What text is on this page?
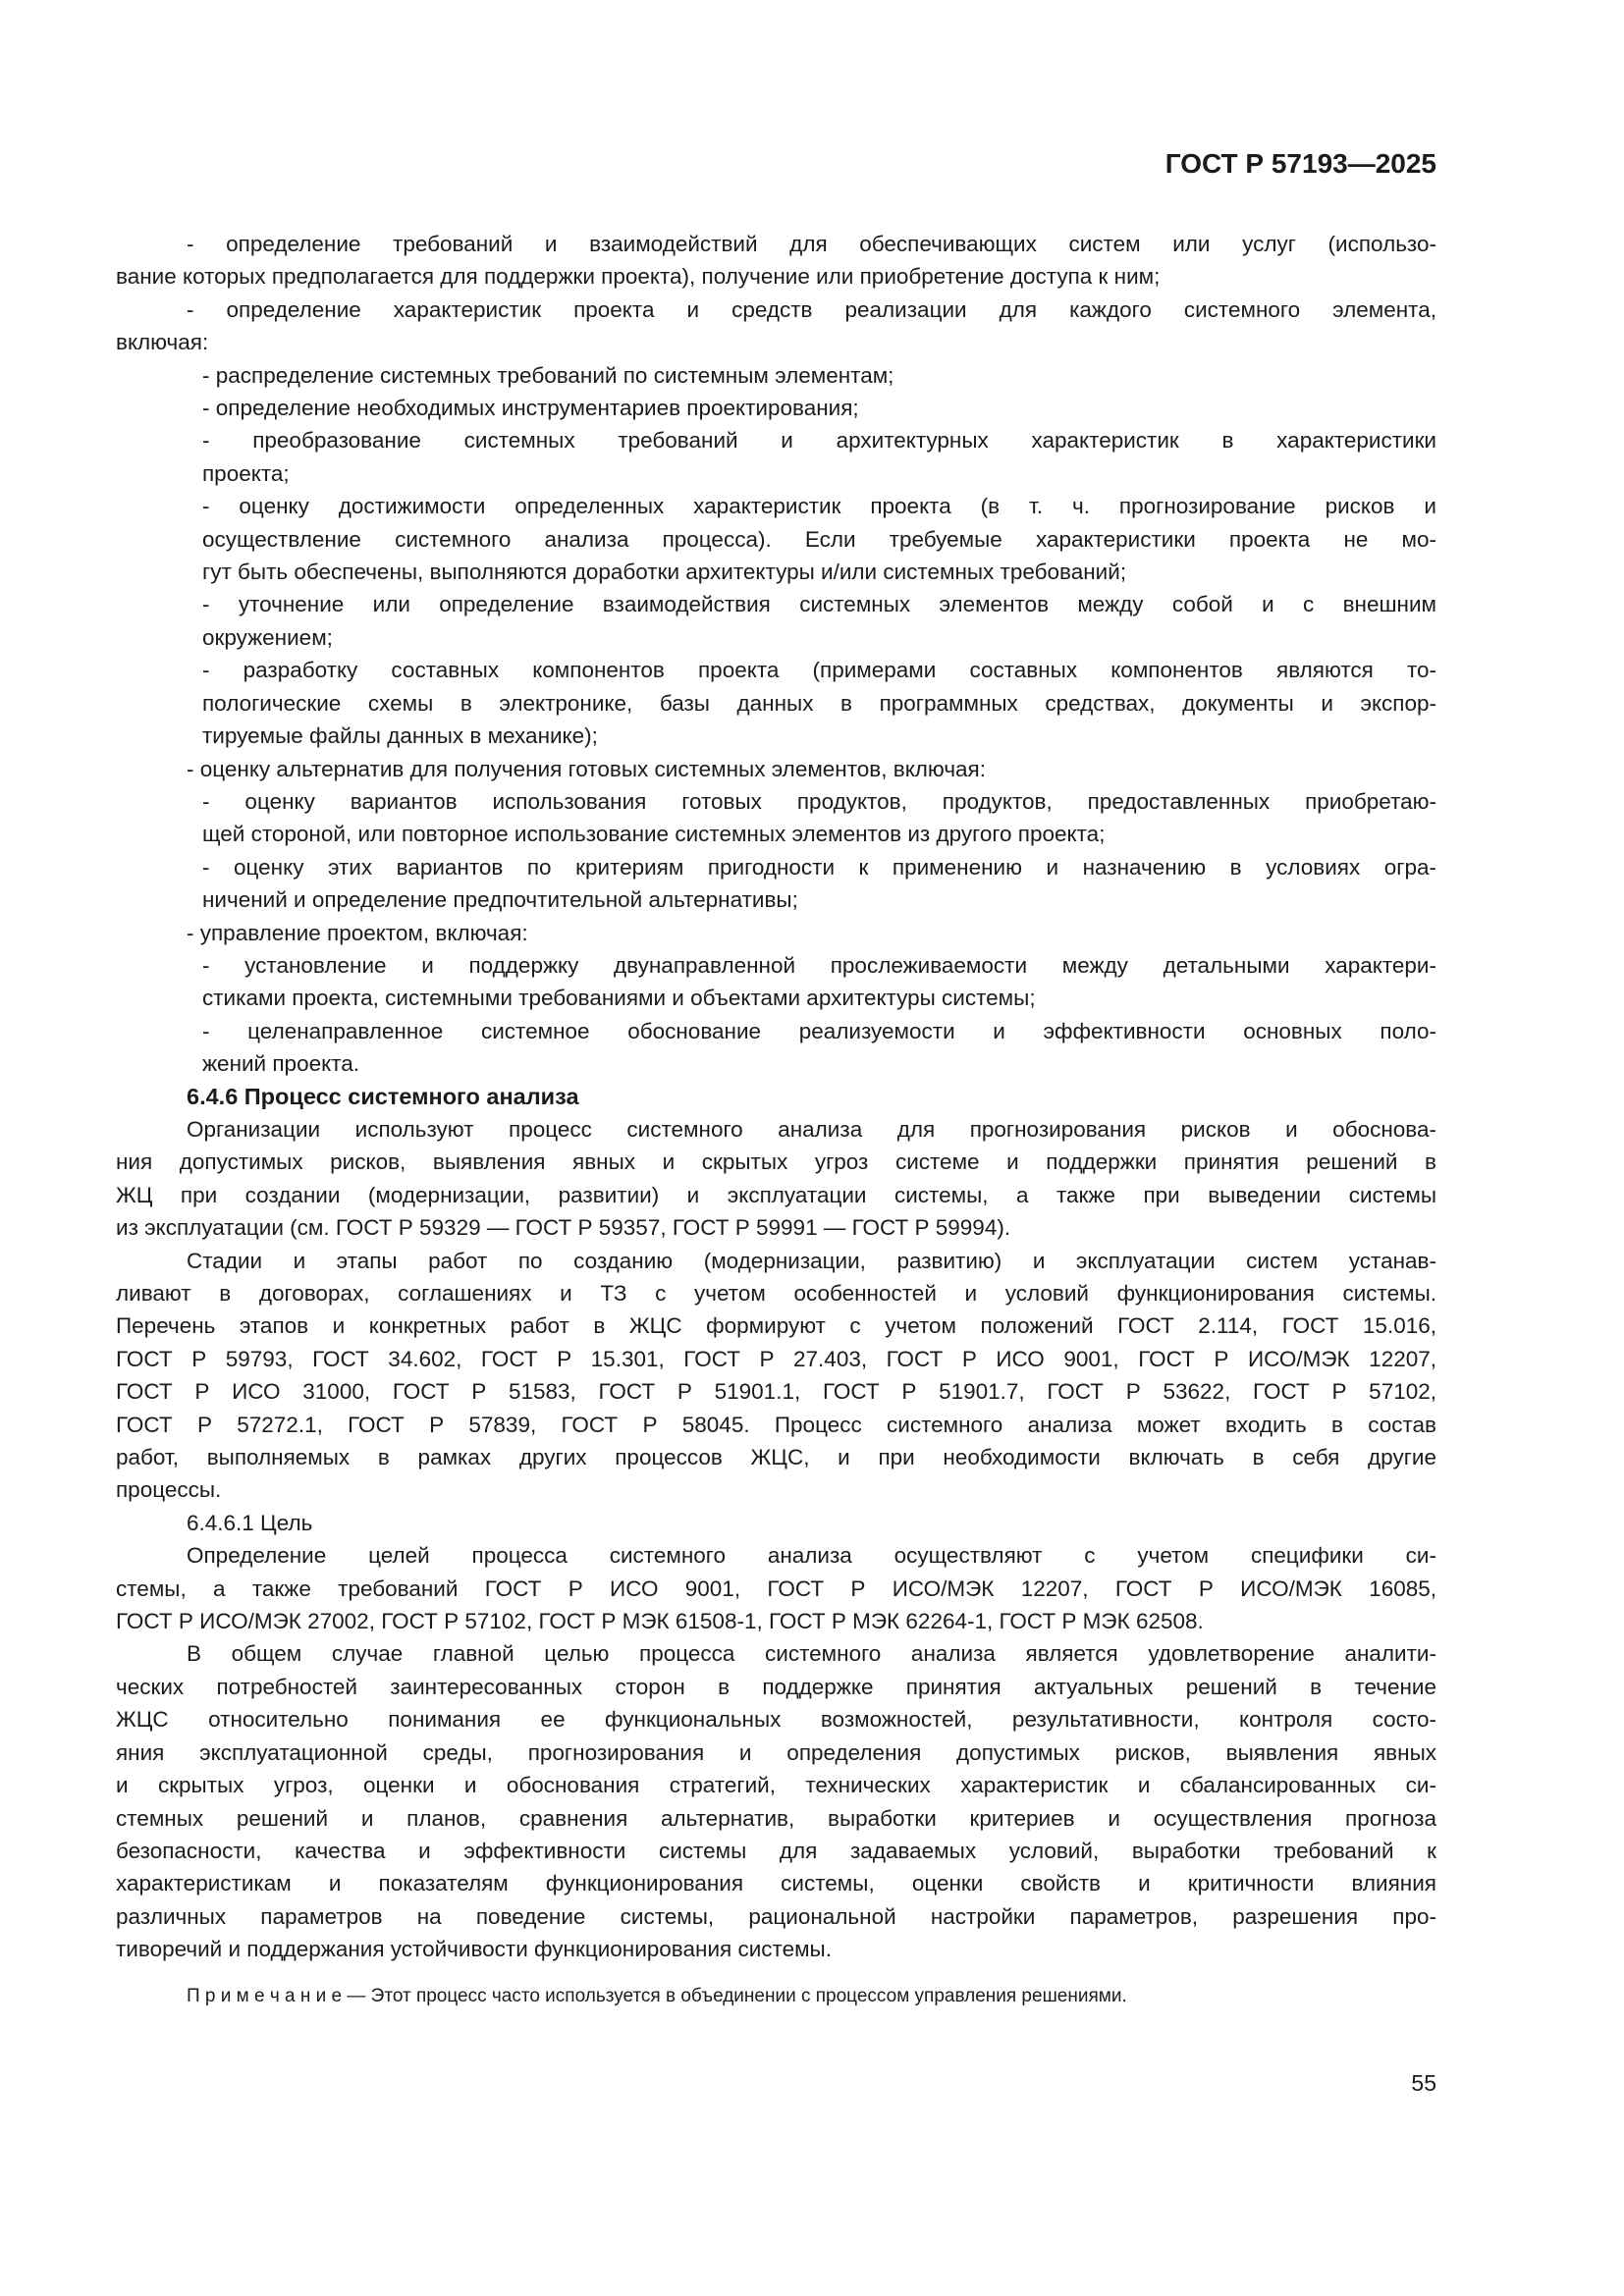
ГОСТ Р 57193—2025

- определение требований и взаимодействий для обеспечивающих систем или услуг (использо-
вание которых предполагается для поддержки проекта), получение или приобретение доступа к ним;

- определение характеристик проекта и средств реализации для каждого системного элемента,
включая:

- распределение системных требований по системным элементам;

- определение необходимых инструментариев проектирования;

- преобразование системных требований и архитектурных характеристик в характеристики
проекта;

- оценку достижимости определенных характеристик проекта (в т. ч. прогнозирование рисков и
осуществление системного анализа процесса). Если требуемые характеристики проекта не мо-
гут быть обеспечены, выполняются доработки архитектуры и/или системных требований;

- уточнение или определение взаимодействия системных элементов между собой и с внешним
окружением;

- разработку составных компонентов проекта (примерами составных компонентов являются то-
пологические схемы в электронике, базы данных в программных средствах, документы и экспор-
тируемые файлы данных в механике);

- оценку альтернатив для получения готовых системных элементов, включая:

- оценку вариантов использования готовых продуктов, продуктов, предоставленных приобретаю-
щей стороной, или повторное использование системных элементов из другого проекта;

- оценку этих вариантов по критериям пригодности к применению и назначению в условиях огра-
ничений и определение предпочтительной альтернативы;

- управление проектом, включая:

- установление и поддержку двунаправленной прослеживаемости между детальными характери-
стиками проекта, системными требованиями и объектами архитектуры системы;

- целенаправленное системное обоснование реализуемости и эффективности основных поло-
жений проекта.

6.4.6 Процесс системного анализа

Организации используют процесс системного анализа для прогнозирования рисков и обоснова-
ния допустимых рисков, выявления явных и скрытых угроз системе и поддержки принятия решений в
ЖЦ при создании (модернизации, развитии) и эксплуатации системы, а также при выведении системы
из эксплуатации (см. ГОСТ Р 59329 — ГОСТ Р 59357, ГОСТ Р 59991 — ГОСТ Р 59994).

Стадии и этапы работ по созданию (модернизации, развитию) и эксплуатации систем устанав-
ливают в договорах, соглашениях и ТЗ с учетом особенностей и условий функционирования системы.
Перечень этапов и конкретных работ в ЖЦС формируют с учетом положений ГОСТ 2.114, ГОСТ 15.016,
ГОСТ Р 59793, ГОСТ 34.602, ГОСТ Р 15.301, ГОСТ Р 27.403, ГОСТ Р ИСО 9001, ГОСТ Р ИСО/МЭК 12207,
ГОСТ Р ИСО 31000, ГОСТ Р 51583, ГОСТ Р 51901.1, ГОСТ Р 51901.7, ГОСТ Р 53622, ГОСТ Р 57102,
ГОСТ Р 57272.1, ГОСТ Р 57839, ГОСТ Р 58045. Процесс системного анализа может входить в состав
работ, выполняемых в рамках других процессов ЖЦС, и при необходимости включать в себя другие
процессы.

6.4.6.1 Цель

Определение целей процесса системного анализа осуществляют с учетом специфики си-
стемы, а также требований ГОСТ Р ИСО 9001, ГОСТ Р ИСО/МЭК 12207, ГОСТ Р ИСО/МЭК 16085,
ГОСТ Р ИСО/МЭК 27002, ГОСТ Р 57102, ГОСТ Р МЭК 61508-1, ГОСТ Р МЭК 62264-1, ГОСТ Р МЭК 62508.

В общем случае главной целью процесса системного анализа является удовлетворение аналити-
ческих потребностей заинтересованных сторон в поддержке принятия актуальных решений в течение
ЖЦС относительно понимания ее функциональных возможностей, результативности, контроля состо-
яния эксплуатационной среды, прогнозирования и определения допустимых рисков, выявления явных
и скрытых угроз, оценки и обоснования стратегий, технических характеристик и сбалансированных си-
стемных решений и планов, сравнения альтернатив, выработки критериев и осуществления прогноза
безопасности, качества и эффективности системы для задаваемых условий, выработки требований к
характеристикам и показателям функционирования системы, оценки свойств и критичности влияния
различных параметров на поведение системы, рациональной настройки параметров, разрешения про-
тиворечий и поддержания устойчивости функционирования системы.

П р и м е ч а н и е — Этот процесс часто используется в объединении с процессом управления решениями.

55
